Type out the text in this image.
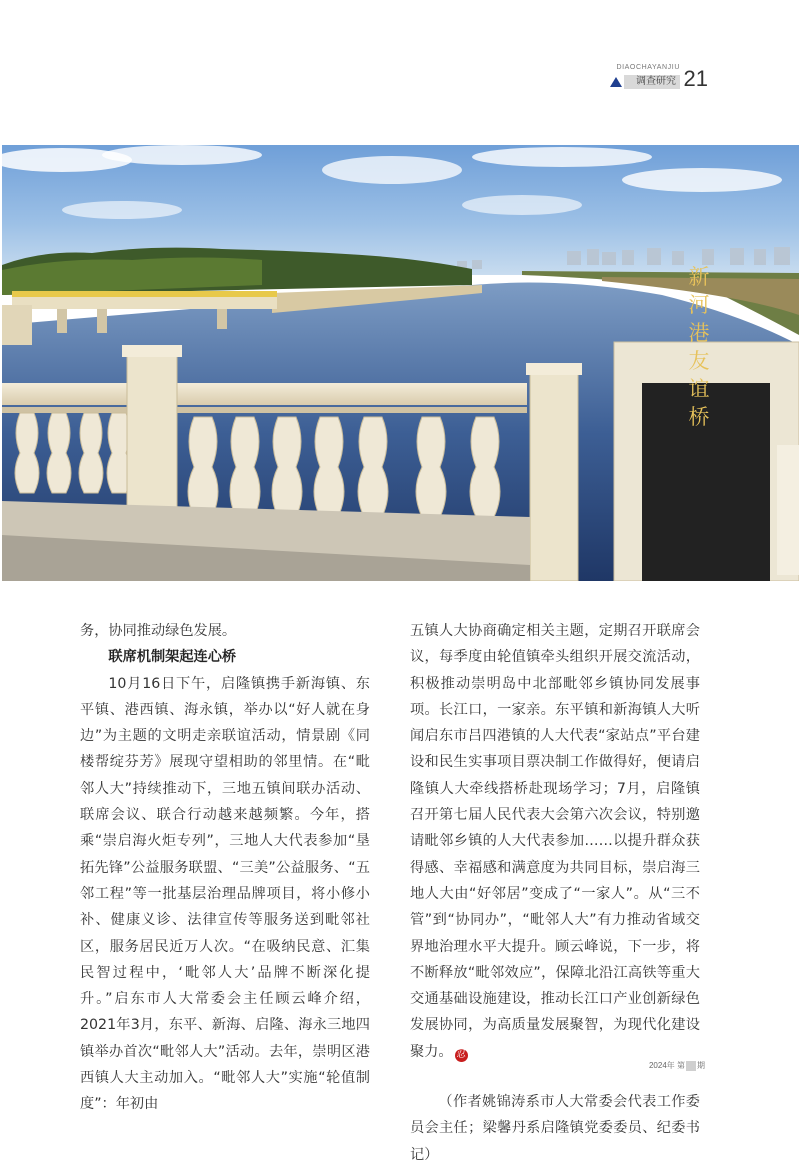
DIAOCHAYANJIU
调查研究 21
新河港友谊桥

务，协同推动绿色发展。

联席机制架起连心桥

10月16日下午，启隆镇携手新海镇、东平镇、港西镇、海永镇，举办以“好人就在身边”为主题的文明走亲联谊活动，情景剧《同楼帮绽芬芳》展现守望相助的邻里情。在“毗邻人大”持续推动下，三地五镇间联办活动、联席会议、联合行动越来越频繁。今年，搭乘“崇启海火炬专列”，三地人大代表参加“垦拓先锋”公益服务联盟、“三美”公益服务、“五邻工程”等一批基层治理品牌项目，将小修小补、健康义诊、法律宣传等服务送到毗邻社区，服务居民近万人次。“在吸纳民意、汇集民智过程中，‘毗邻人大’品牌不断深化提升。”启东市人大常委会主任顾云峰介绍，2021年3月，东平、新海、启隆、海永三地四镇举办首次“毗邻人大”活动。去年，崇明区港西镇人大主动加入。“毗邻人大”实施“轮值制度”：年初由

五镇人大协商确定相关主题，定期召开联席会议，每季度由轮值镇牵头组织开展交流活动，积极推动崇明岛中北部毗邻乡镇协同发展事项。长江口，一家亲。东平镇和新海镇人大听闻启东市吕四港镇的人大代表“家站点”平台建设和民生实事项目票决制工作做得好，便请启隆镇人大牵线搭桥赴现场学习；7月，启隆镇召开第七届人民代表大会第六次会议，特别邀请毗邻乡镇的人大代表参加……以提升群众获得感、幸福感和满意度为共同目标，崇启海三地人大由“好邻居”变成了“一家人”。从“三不管”到“协同办”，“毗邻人大”有力推动省域交界地治理水平大提升。顾云峰说，下一步，将不断释放“毗邻效应”，保障北沿江高铁等重大交通基础设施建设，推动长江口产业创新绿色发展协同，为高质量发展聚智，为现代化建设聚力。 忍

（作者姚锦涛系市人大常委会代表工作委员会主任；梁馨丹系启隆镇党委委员、纪委书记）

2024年 第 期
